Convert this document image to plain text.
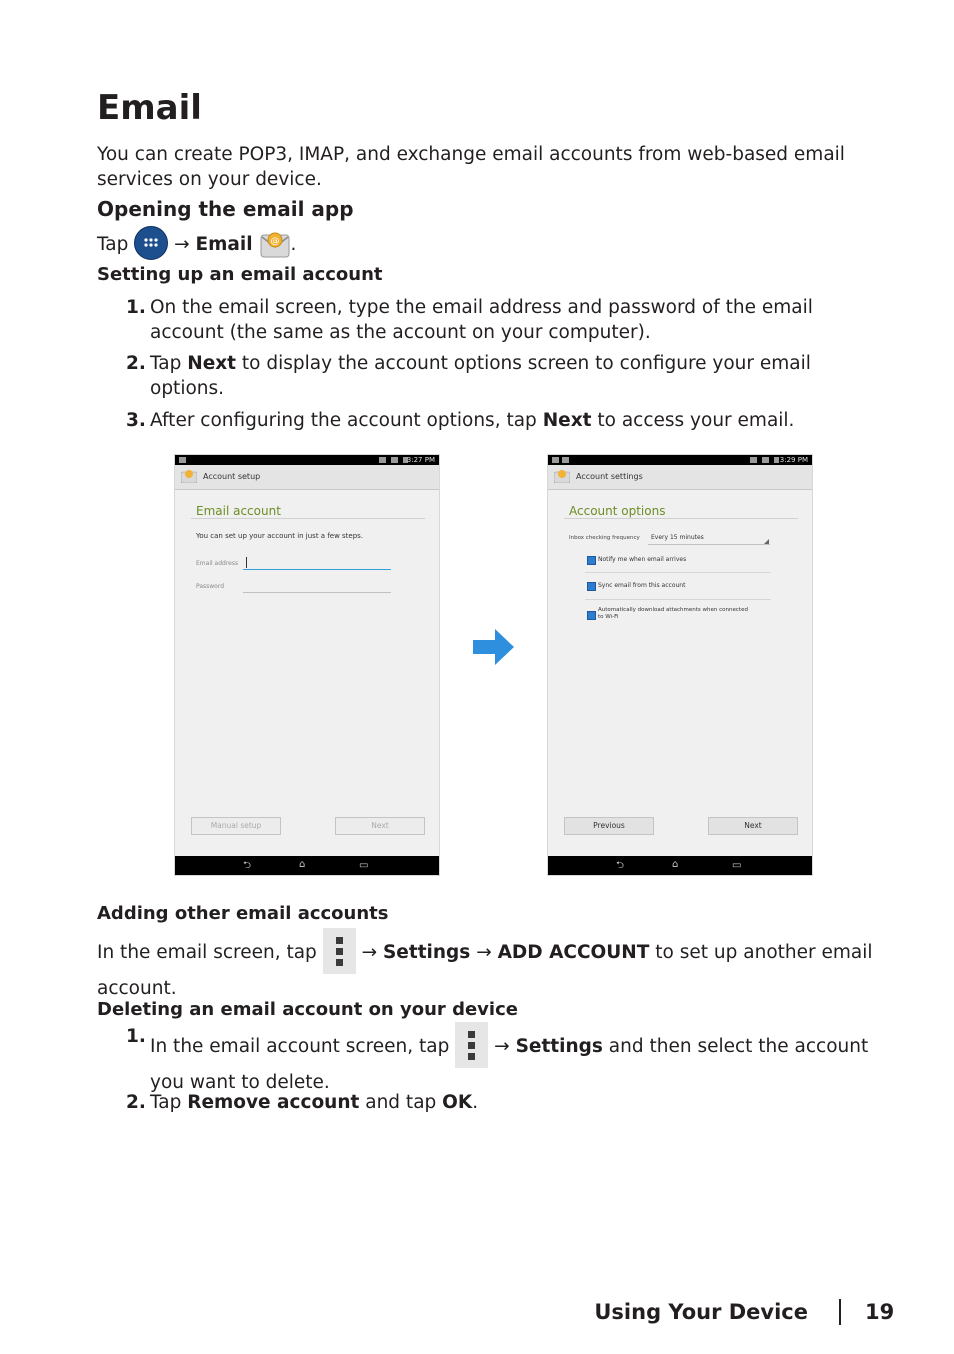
Email
You can create POP3, IMAP, and exchange email accounts from web-based email services on your device.
Opening the email app
Tap → Email @ .
Setting up an email account
1. On the email screen, type the email address and password of the email account (the same as the account on your computer).
2. Tap Next to display the account options screen to configure your email options.
3. After configuring the account options, tap Next to access your email.
3:27 PM
Account setup
Email account
You can set up your account in just a few steps.
Email address
Password
Manual setup	Next
⮌	⌂	▭
3:29 PM
Account settings
Account options
Inbox checking frequency Every 15 minutes
Notify me when email arrives
Sync email from this account
Automatically download attachments when connected
to Wi-Fi
Previous	Next
⮌	⌂	▭
Adding other email accounts
In the email screen, tap → Settings → ADD ACCOUNT to set up another email account.
Deleting an email account on your device
1. In the email account screen, tap → Settings and then select the account you want to delete.
2. Tap Remove account and tap OK.
Using Your Device	19
